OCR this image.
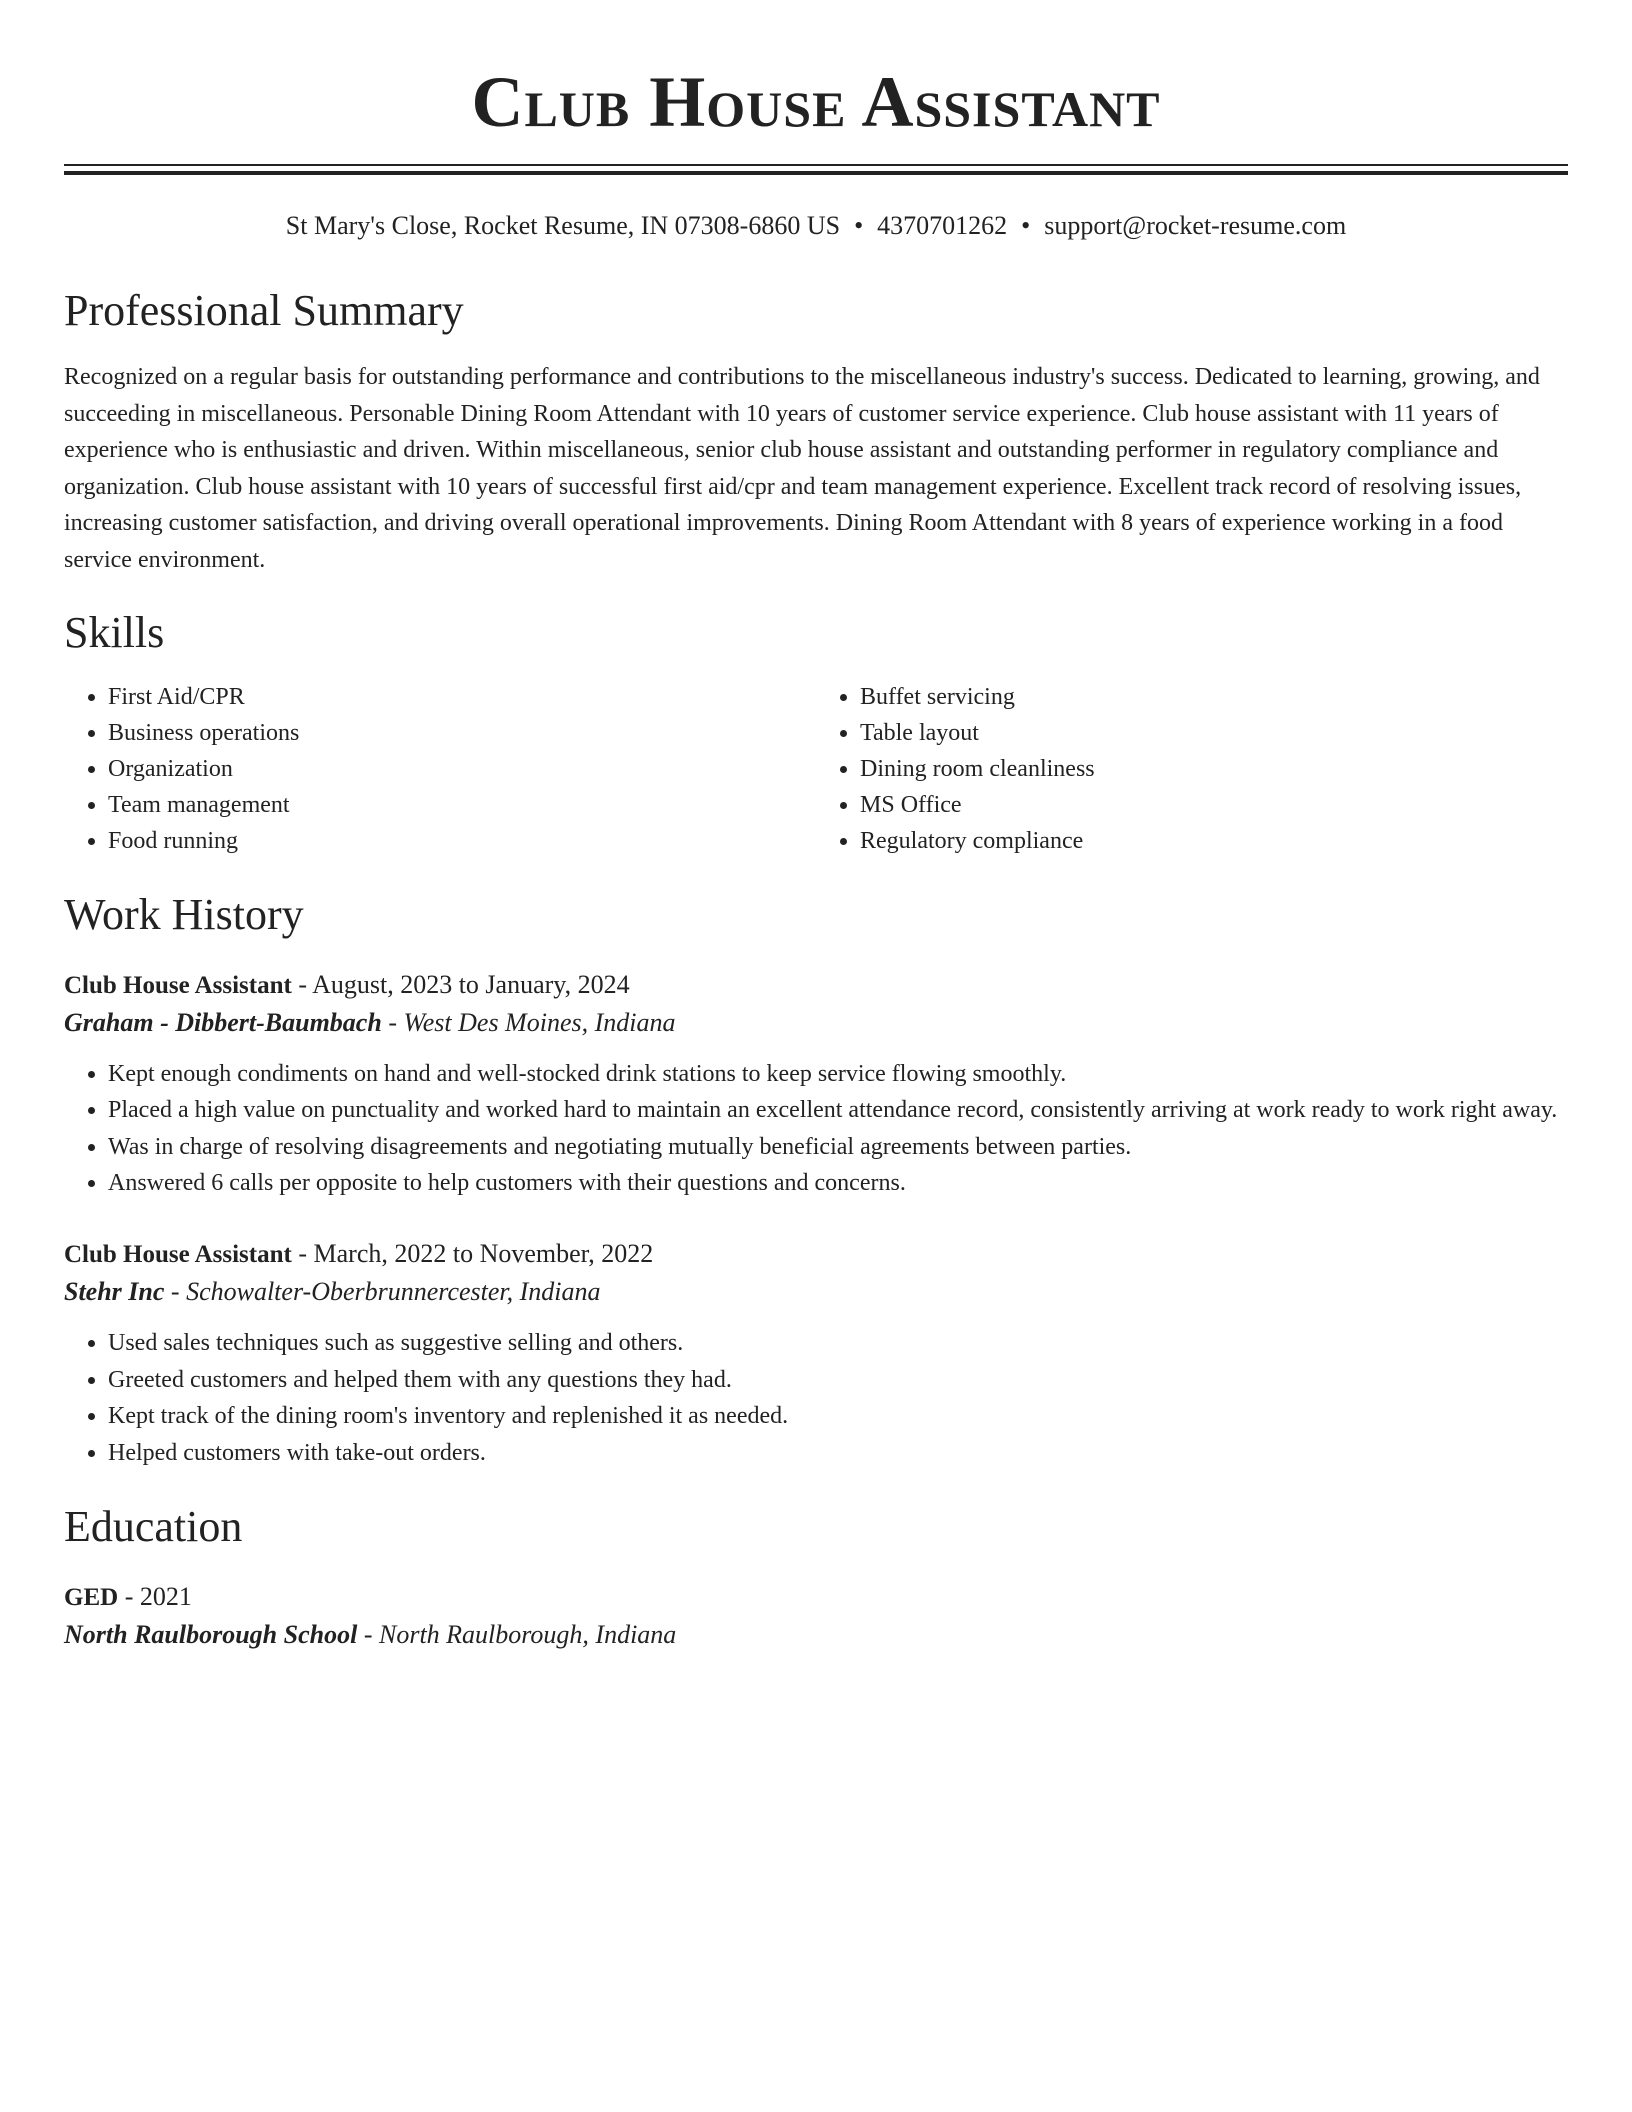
Club House Assistant
St Mary's Close, Rocket Resume, IN 07308-6860 US • 4370701262 • support@rocket-resume.com
Professional Summary
Recognized on a regular basis for outstanding performance and contributions to the miscellaneous industry's success. Dedicated to learning, growing, and succeeding in miscellaneous. Personable Dining Room Attendant with 10 years of customer service experience. Club house assistant with 11 years of experience who is enthusiastic and driven. Within miscellaneous, senior club house assistant and outstanding performer in regulatory compliance and organization. Club house assistant with 10 years of successful first aid/cpr and team management experience. Excellent track record of resolving issues, increasing customer satisfaction, and driving overall operational improvements. Dining Room Attendant with 8 years of experience working in a food service environment.
Skills
• First Aid/CPR
• Business operations
• Organization
• Team management
• Food running
• Buffet servicing
• Table layout
• Dining room cleanliness
• MS Office
• Regulatory compliance
Work History
Club House Assistant - August, 2023 to January, 2024
Graham - Dibbert-Baumbach - West Des Moines, Indiana
• Kept enough condiments on hand and well-stocked drink stations to keep service flowing smoothly.
• Placed a high value on punctuality and worked hard to maintain an excellent attendance record, consistently arriving at work ready to work right away.
• Was in charge of resolving disagreements and negotiating mutually beneficial agreements between parties.
• Answered 6 calls per opposite to help customers with their questions and concerns.
Club House Assistant - March, 2022 to November, 2022
Stehr Inc - Schowalter-Oberbrunnercester, Indiana
• Used sales techniques such as suggestive selling and others.
• Greeted customers and helped them with any questions they had.
• Kept track of the dining room's inventory and replenished it as needed.
• Helped customers with take-out orders.
Education
GED - 2021
North Raulborough School - North Raulborough, Indiana
